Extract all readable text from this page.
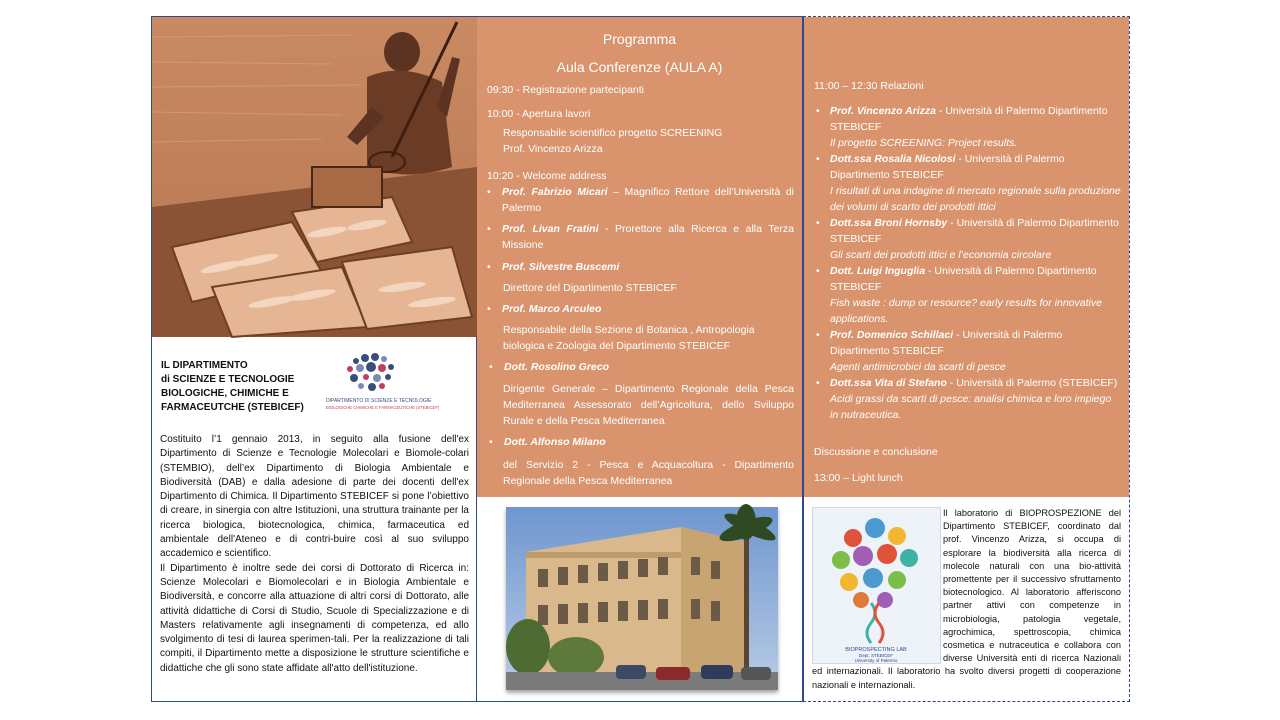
IL DIPARTIMENTO
di SCIENZE E TECNOLOGIE
BIOLOGICHE, CHIMICHE E
FARMACEUTCHE (STEBICEF)
DIPARTIMENTO DI SCIENZE E TECNOLOGIE
BIOLOGICHE CHIMICHE E FARMACEUTICHE (STEBICEF)

Costituito l’1 gennaio 2013, in seguito alla fusione dell'ex Dipartimento di Scienze e Tecnologie Molecolari e Biomole-colari (STEMBIO), dell’ex Dipartimento di Biologia Ambientale e Biodiversità (DAB) e dalla adesione di parte dei docenti dell'ex Dipartimento di Chimica. Il Dipartimento STEBICEF si pone l’obiettivo di creare, in sinergia con altre Istituzioni, una struttura trainante per la ricerca biologica, biotecnologica, chimica, farmaceutica ed ambientale dell'Ateneo e di contri-buire così al suo sviluppo accademico e scientifico.

Il Dipartimento è inoltre sede dei corsi di Dottorato di Ricerca in: Scienze Molecolari e Biomolecolari e in Biologia Ambientale e Biodiversità, e concorre alla attuazione di altri corsi di Dottorato, alle attività didattiche di Corsi di Studio, Scuole di Specializzazione e di Masters relativamente agli insegnamenti di competenza, ed allo svolgimento di tesi di laurea sperimen-tali. Per la realizzazione di tali compiti, il Dipartimento mette a disposizione le strutture scientifiche e didattiche che gli sono state affidate all'atto dell'istituzione.

Programma
Aula Conferenze (AULA A)
09:30 - Registrazione partecipanti
10:00 - Apertura lavori
Responsabile scientifico progetto SCREENING
Prof. Vincenzo Arizza
10:20 - Welcome address
• Prof. Fabrizio Micari – Magnifico Rettore dell’Università di Palermo
• Prof. Livan Fratini - Prorettore alla Ricerca e alla Terza Missione
• Prof. Silvestre Buscemi
Direttore del Dipartimento STEBICEF
• Prof. Marco Arculeo
Responsabile della Sezione di Botanica , Antropologia biologica e Zoologia del Dipartimento STEBICEF
• Dott. Rosolino Greco
Dirigente Generale – Dipartimento Regionale della Pesca Mediterranea Assessorato dell’Agricoltura, dello Sviluppo Rurale e della Pesca Mediterranea
• Dott. Alfonso Milano
del Servizio 2 - Pesca e Acquacoltura - Dipartimento Regionale della Pesca Mediterranea
11:00 – 12:30 Relazioni
• Prof. Vincenzo Arizza - Università di Palermo Dipartimento STEBICEF
Il progetto SCREENING: Project results.
• Dott.ssa Rosalia Nicolosi - Università di Palermo Dipartimento STEBICEF
I risultati di una indagine di mercato regionale sulla produzione dei volumi di scarto dei prodotti ittici
• Dott.ssa Broni Hornsby - Università di Palermo Dipartimento STEBICEF
Gli scarti dei prodotti ittici e l’economia circolare
• Dott. Luigi Inguglia - Università di Palermo Dipartimento STEBICEF
Fish waste : dump or resource? early results for innovative applications.
• Prof. Domenico Schillaci - Università di Palermo Dipartimento STEBICEF
Agenti antimicrobici da scarti di pesce
• Dott.ssa Vita di Stefano - Università di Palermo (STEBICEF)
Acidi grassi da scarti di pesce: analisi chimica e loro impiego in nutraceutica.
Discussione e conclusione
13:00 – Light lunch
BIOPROSPECTING LAB
Dept. STEBICEF
University of Palermo

Il laboratorio di BIOPROSPEZIONE del Dipartimento STEBICEF, coordinato dal prof. Vincenzo Arizza, si occupa di esplorare la biodiversità alla ricerca di molecole naturali con una bio-attività promettente per il successivo sfruttamento biotecnologico. Al laboratorio afferiscono partner attivi con competenze in microbiologia, patologia vegetale, agrochimica, spettroscopia, chimica cosmetica e nutraceutica e collabora con diverse Università enti di ricerca Nazionali ed internazionali. Il laboratorio ha svolto diversi progetti di cooperazione nazionali e internazionali.
